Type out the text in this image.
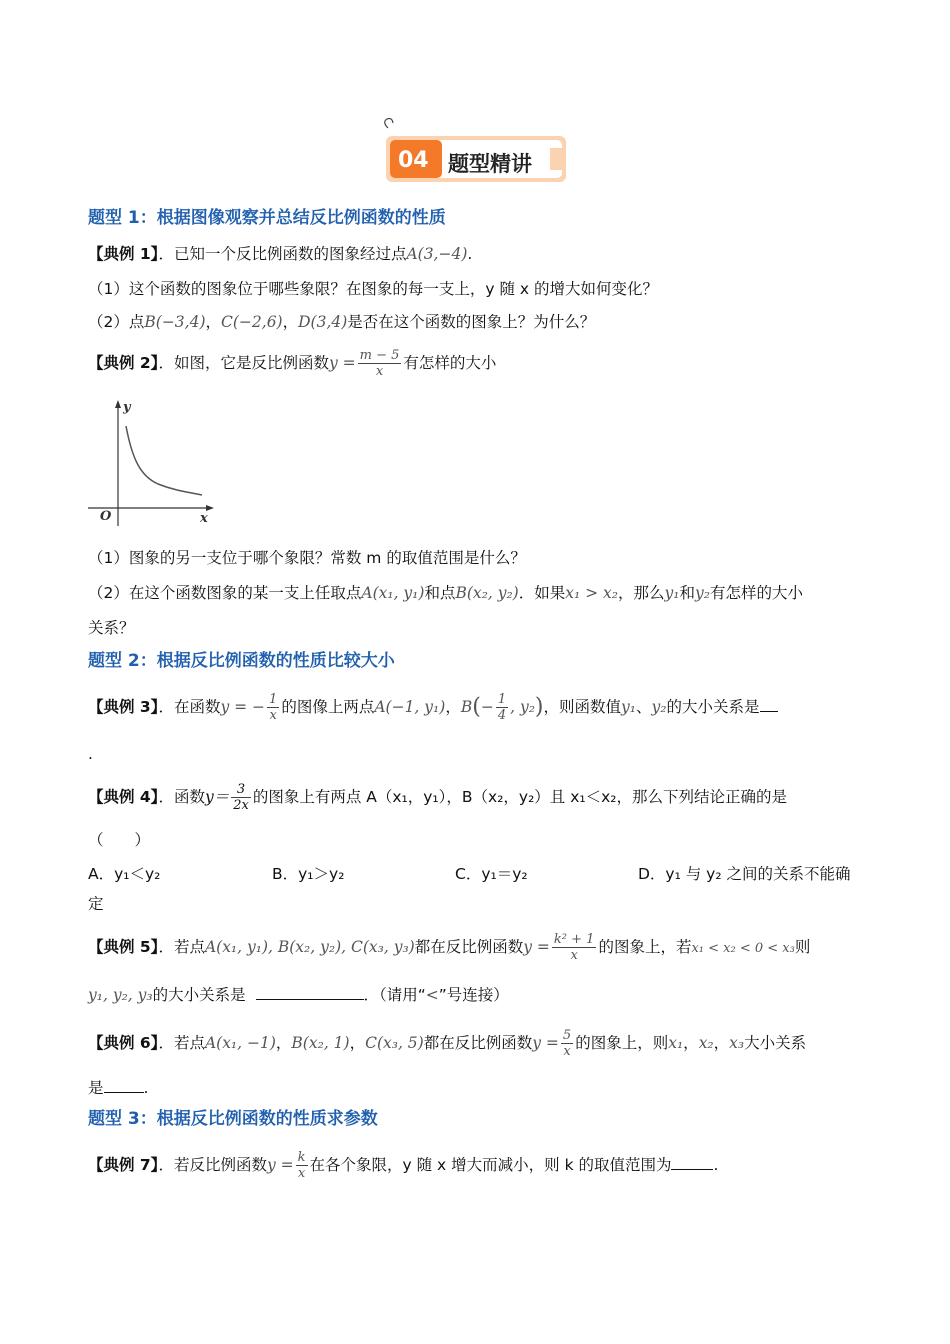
04 题型精讲
题型 1：根据图像观察并总结反比例函数的性质
【典例 1】．已知一个反比例函数的图象经过点A(3,−4).
（1）这个函数的图象位于哪些象限？在图象的每一支上，y 随 x 的增大如何变化？
（2）点B(−3,4)，C(−2,6)，D(3,4)是否在这个函数的图象上？为什么？
【典例 2】．如图，它是反比例函数$y = \frac{m - 5}{x}$ 有怎样的大小
y
x
O
（1）图象的另一支位于哪个象限？常数 m 的取值范围是什么？
（2）在这个函数图象的某一支上任取点A(x₁, y₁)和点B(x₂, y₂)．如果x₁ > x₂，那么y₁和y₂有怎样的大小
关系？
题型 2：根据反比例函数的性质比较大小
【典例 3】．在函数y = − $\frac{1}{x}$ 的图像上两点A(−1, y₁)，$B(- \frac{1}{4}$ , y₂)，则函数值y₁、y₂的大小关系是
.
【典例 4】．函数$y= \frac{3}{2x}$ 的图象上有两点 A（x₁，y₁），B（x₂，y₂）且 x₁＜x₂，那么下列结论正确的是
（　　）
A．y₁＜y₂	B．y₁＞y₂	C．y₁＝y₂	D．y₁ 与 y₂ 之间的关系不能确
定
【典例 5】．若点A(x₁, y₁), B(x₂, y₂), C(x₃, y₃)都在反比例函数$y = \frac{\text{k² + 1}}{x}$ 的图象上，若x₁ < x₂ < 0 < x₃则
y₁, y₂, y₃的大小关系是	．（请用“<”号连接）
【典例 6】．若点A(x₁, −1)，B(x₂, 1)，C(x₃, 5)都在反比例函数$y = \frac{5}{x}$ 的图象上，则x₁，x₂，x₃大小关系
是	.
题型 3：根据反比例函数的性质求参数
【典例 7】．若反比例函数$y = \frac{k}{x}$ 在各个象限，y 随 x 增大而减小，则 k 的取值范围为	.
